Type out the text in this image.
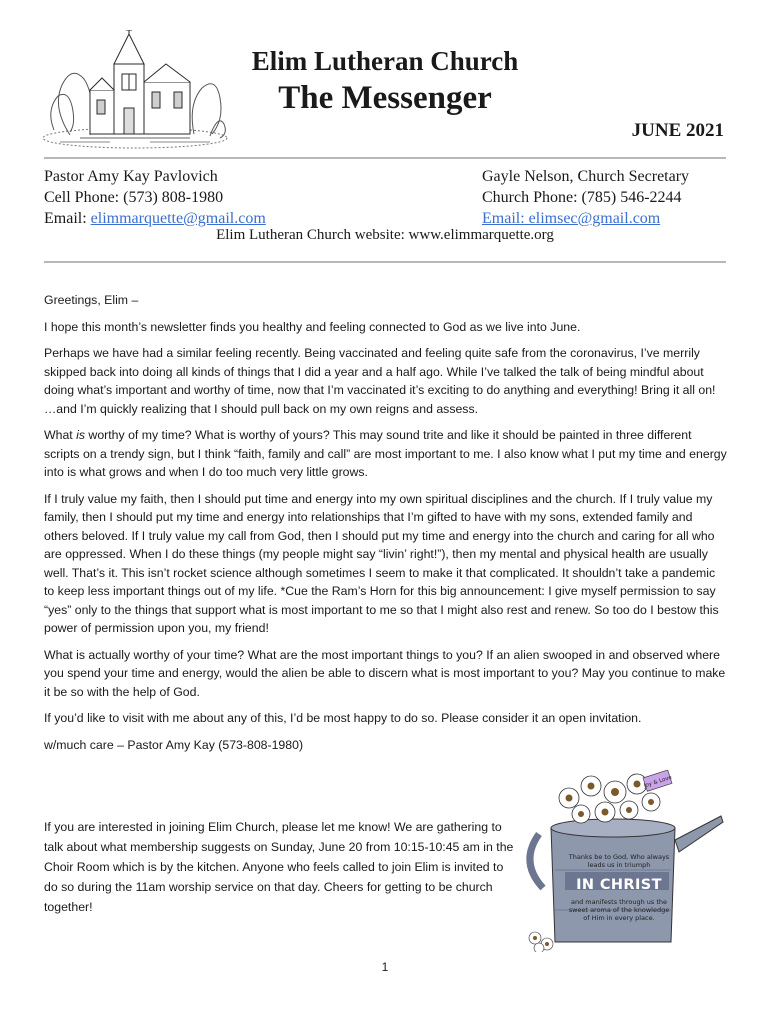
Elim Lutheran Church
The Messenger
JUNE 2021
Pastor Amy Kay Pavlovich
Cell Phone: (573) 808-1980
Email: elimmarquette@gmail.com
Gayle Nelson, Church Secretary
Church Phone: (785) 546-2244
Email: elimsec@gmail.com
Elim Lutheran Church website: www.elimmarquette.org

Greetings, Elim –

I hope this month’s newsletter finds you healthy and feeling connected to God as we live into June.

Perhaps we have had a similar feeling recently. Being vaccinated and feeling quite safe from the coronavirus, I’ve merrily skipped back into doing all kinds of things that I did a year and a half ago. While I’ve talked the talk of being mindful about doing what’s important and worthy of time, now that I’m vaccinated it’s exciting to do anything and everything! Bring it all on! …and I’m quickly realizing that I should pull back on my own reigns and assess.

What is worthy of my time? What is worthy of yours? This may sound trite and like it should be painted in three different scripts on a trendy sign, but I think “faith, family and call” are most important to me. I also know what I put my time and energy into is what grows and when I do too much very little grows.

If I truly value my faith, then I should put time and energy into my own spiritual disciplines and the church. If I truly value my family, then I should put my time and energy into relationships that I’m gifted to have with my sons, extended family and others beloved. If I truly value my call from God, then I should put my time and energy into the church and caring for all who are oppressed. When I do these things (my people might say “livin’ right!”), then my mental and physical health are usually well. That’s it. This isn’t rocket science although sometimes I seem to make it that complicated. It shouldn’t take a pandemic to keep less important things out of my life. *Cue the Ram’s Horn for this big announcement: I give myself permission to say “yes” only to the things that support what is most important to me so that I might also rest and renew. So too do I bestow this power of permission upon you, my friend!

What is actually worthy of your time? What are the most important things to you? If an alien swooped in and observed where you spend your time and energy, would the alien be able to discern what is most important to you? May you continue to make it be so with the help of God.

If you’d like to visit with me about any of this, I’d be most happy to do so. Please consider it an open invitation.

w/much care – Pastor Amy Kay (573-808-1980)

If you are interested in joining Elim Church, please let me know! We are gathering to talk about what membership suggests on Sunday, June 20 from 10:15-10:45 am in the Choir Room which is by the kitchen. Anyone who feels called to join Elim is invited to do so during the 11am worship service on that day. Cheers for getting to be church together!
Joy & Love
Thanks be to God, Who always leads us in triumph
IN CHRIST
and manifests through us the sweet aroma of the knowledge of Him in every place.
1
